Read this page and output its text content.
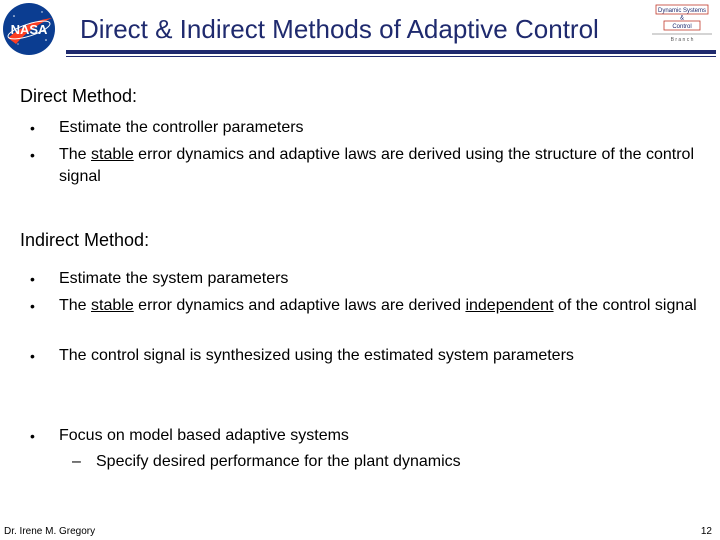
NASA Direct & Indirect Methods of Adaptive Control
Dynamic Systems
&
Control
B r a n c h
Direct Method:
• Estimate the controller parameters
• The stable error dynamics and adaptive laws are derived using the structure of the control signal
Indirect Method:
• Estimate the system parameters
• The stable error dynamics and adaptive laws are derived independent of the control signal
• The control signal is synthesized using the estimated system parameters
• Focus on model based adaptive systems
– Specify desired performance for the plant dynamics
Dr. Irene M. Gregory	12
